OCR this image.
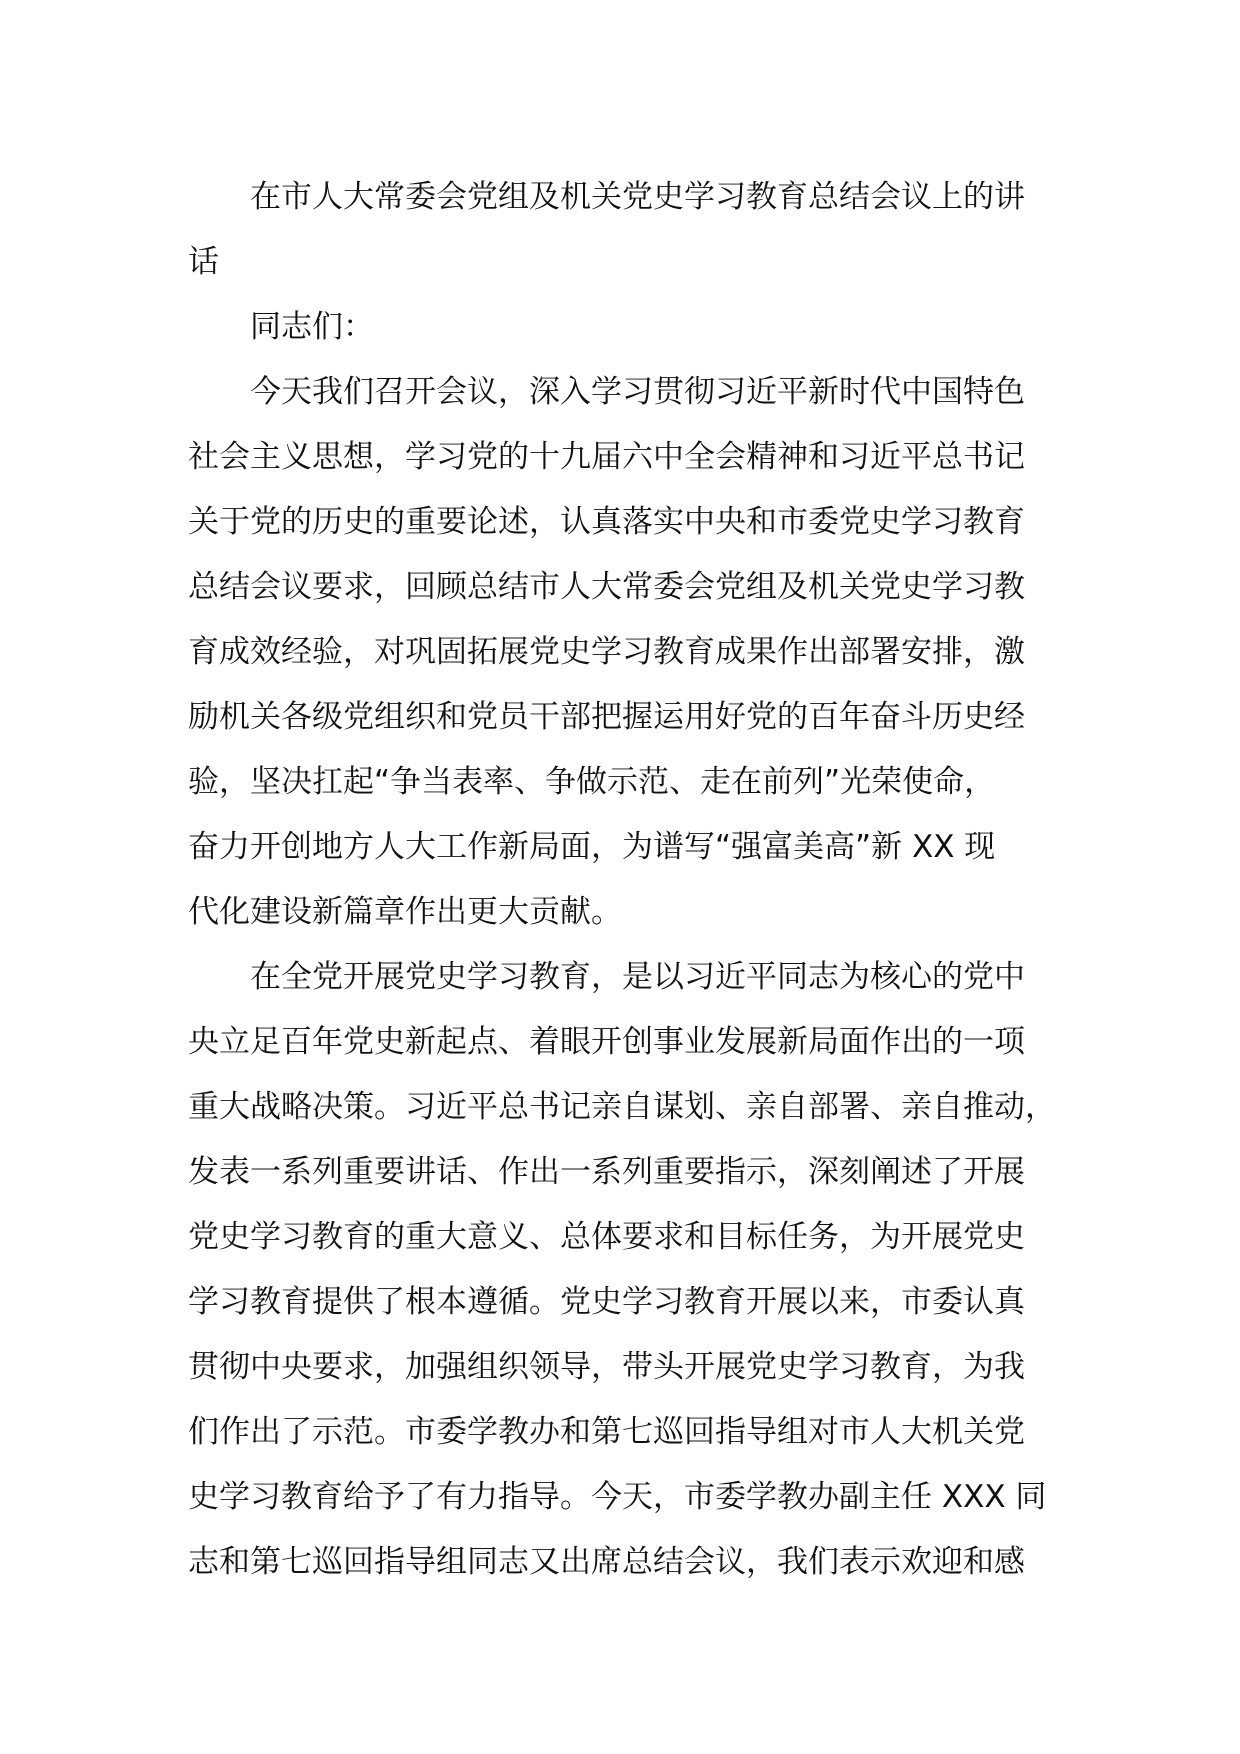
在市人大常委会党组及机关党史学习教育总结会议上的讲
话

同志们：

今天我们召开会议，深入学习贯彻习近平新时代中国特色
社会主义思想，学习党的十九届六中全会精神和习近平总书记
关于党的历史的重要论述，认真落实中央和市委党史学习教育
总结会议要求，回顾总结市人大常委会党组及机关党史学习教
育成效经验，对巩固拓展党史学习教育成果作出部署安排，激
励机关各级党组织和党员干部把握运用好党的百年奋斗历史经
验，坚决扛起“争当表率、争做示范、走在前列”光荣使命，
奋力开创地方人大工作新局面，为谱写“强富美高”新 XX 现
代化建设新篇章作出更大贡献。

在全党开展党史学习教育，是以习近平同志为核心的党中
央立足百年党史新起点、着眼开创事业发展新局面作出的一项
重大战略决策。习近平总书记亲自谋划、亲自部署、亲自推动，
发表一系列重要讲话、作出一系列重要指示，深刻阐述了开展
党史学习教育的重大意义、总体要求和目标任务，为开展党史
学习教育提供了根本遵循。党史学习教育开展以来，市委认真
贯彻中央要求，加强组织领导，带头开展党史学习教育，为我
们作出了示范。市委学教办和第七巡回指导组对市人大机关党
史学习教育给予了有力指导。今天，市委学教办副主任 XXX 同
志和第七巡回指导组同志又出席总结会议，我们表示欢迎和感
